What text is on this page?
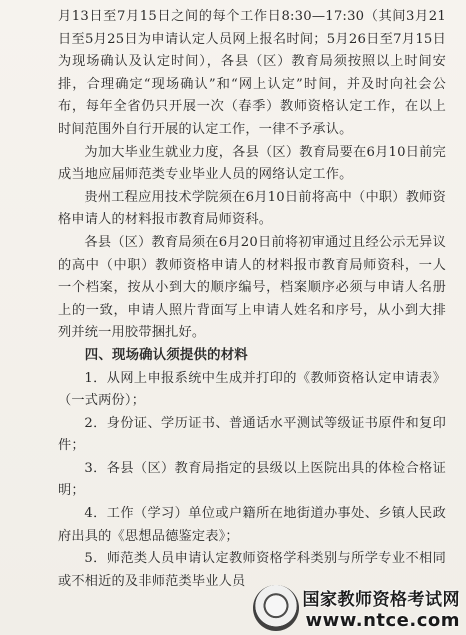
月13日至7月15日之间的每个工作日8:30—17:30（其间3月21日至5月25日为申请认定人员网上报名时间；5月26日至7月15日为现场确认及认定时间），各县（区）教育局须按照以上时间安排，合理确定“现场确认”和“网上认定”时间，并及时向社会公布，每年全省仍只开展一次（春季）教师资格认定工作，在以上时间范围外自行开展的认定工作，一律不予承认。

为加大毕业生就业力度，各县（区）教育局要在6月10日前完成当地应届师范类专业毕业人员的网络认定工作。

贵州工程应用技术学院须在6月10日前将高中（中职）教师资格申请人的材料报市教育局师资科。

各县（区）教育局须在6月20日前将初审通过且经公示无异议的高中（中职）教师资格申请人的材料报市教育局师资科，一人一个档案，按从小到大的顺序编号，档案顺序必须与申请人名册上的一致，申请人照片背面写上申请人姓名和序号，从小到大排列并统一用胶带捆扎好。

四、现场确认须提供的材料

1．从网上申报系统中生成并打印的《教师资格认定申请表》（一式两份）；

2．身份证、学历证书、普通话水平测试等级证书原件和复印件；

3．各县（区）教育局指定的县级以上医院出具的体检合格证明；

4．工作（学习）单位或户籍所在地街道办事处、乡镇人民政府出具的《思想品德鉴定表》；

5．师范类人员申请认定教师资格学科类别与所学专业不相同或不相近的及非师范类毕业人员

国家教师资格考试网
www.ntce.com
